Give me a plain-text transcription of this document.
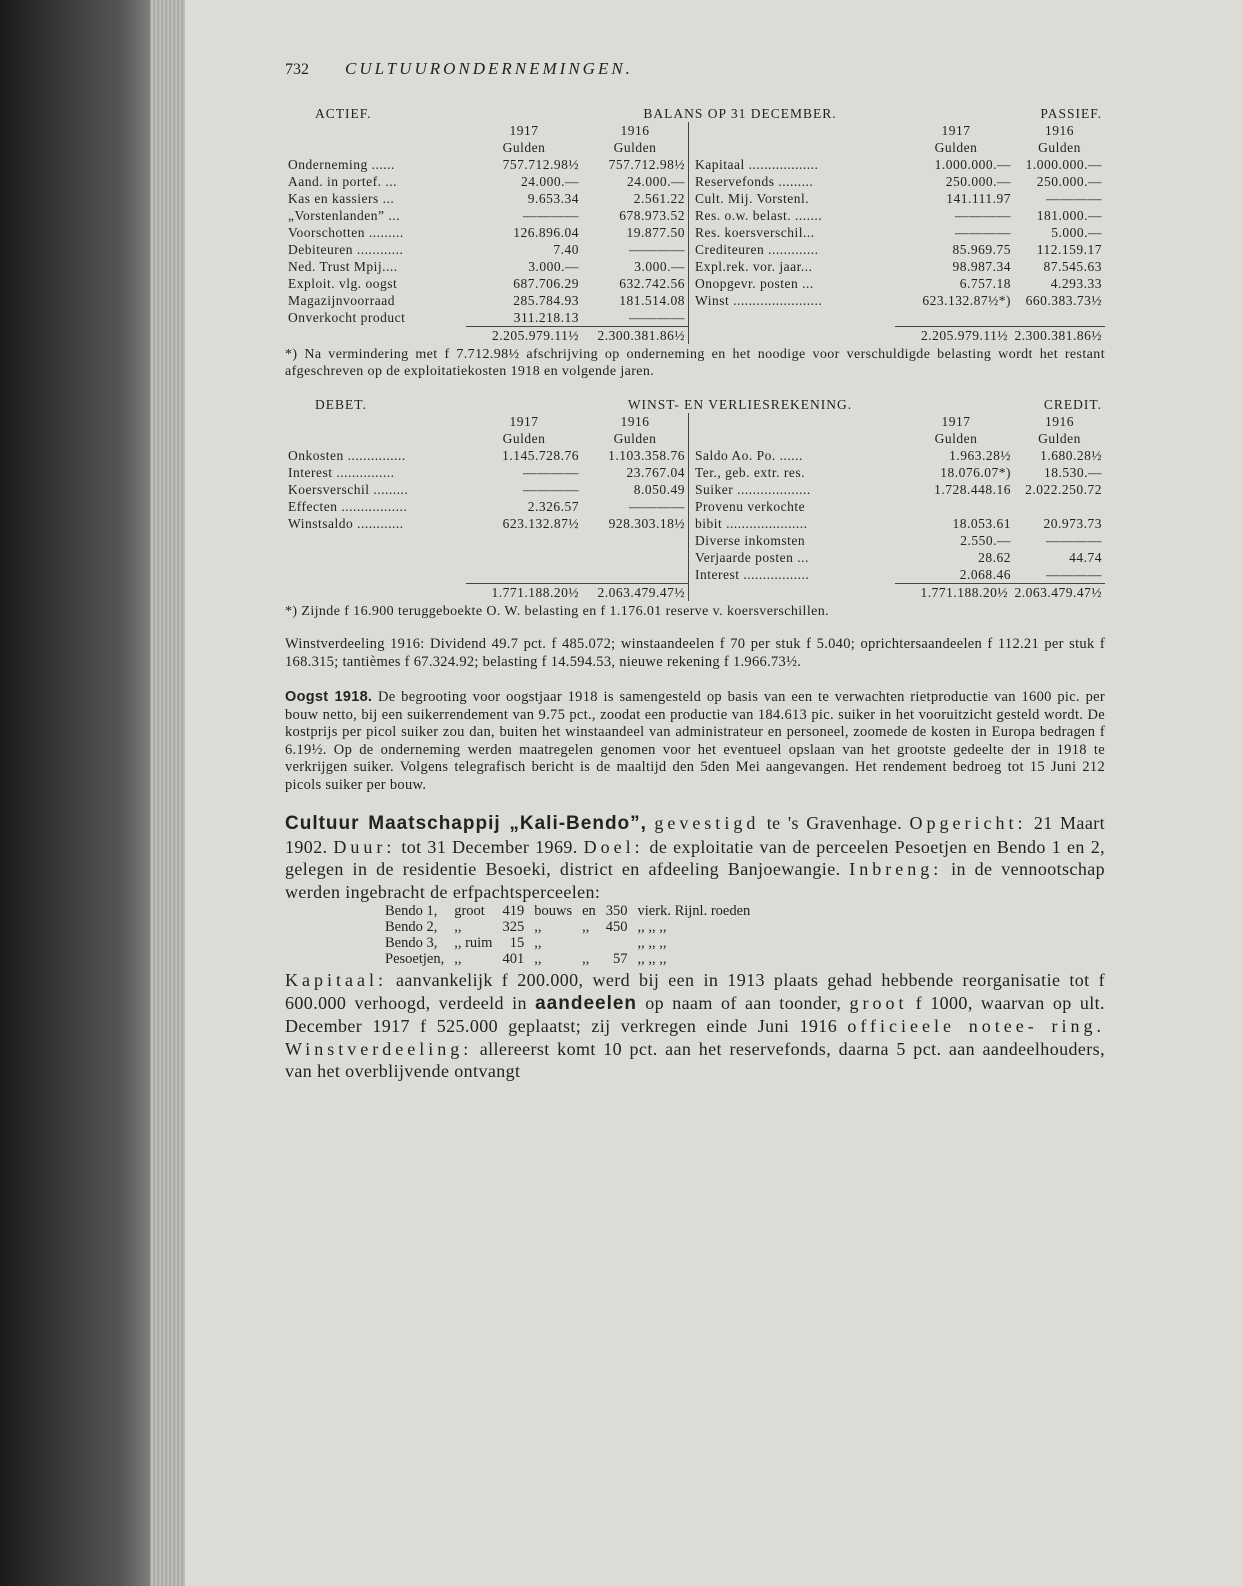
732	CULTUURONDERNEMINGEN.
ACTIEF.	BALANS OP 31 DECEMBER.				PASSIEF.
	1917	1916		1917	1916
	Gulden	Gulden		Gulden	Gulden
Onderneming ......	757.712.98½	757.712.98½	Kapitaal ..................	1.000.000.—	1.000.000.—
Aand. in portef. ...	24.000.—	24.000.—	Reservefonds .........	250.000.—	250.000.—
Kas en kassiers ...	9.653.34	2.561.22	Cult. Mij. Vorstenl.	141.111.97	————
„Vorstenlanden” ...	————	678.973.52	Res. o.w. belast. .......	————	181.000.—
Voorschotten .........	126.896.04	19.877.50	Res. koersverschil...	————	5.000.—
Debiteuren ............	7.40	————	Crediteuren .............	85.969.75	112.159.17
Ned. Trust Mpij....	3.000.—	3.000.—	Expl.rek. vor. jaar...	98.987.34	87.545.63
Exploit. vlg. oogst	687.706.29	632.742.56	Onopgevr. posten ...	6.757.18	4.293.33
Magazijnvoorraad	285.784.93	181.514.08	Winst .......................	623.132.87½*)	660.383.73½
Onverkocht product	311.218.13	————			
	2.205.979.11½	2.300.381.86½		2.205.979.11½	2.300.381.86½
*) Na vermindering met f 7.712.98½ afschrijving op onderneming en het noodige voor verschuldigde belasting wordt het restant afgeschreven op de exploitatiekosten 1918 en volgende jaren.
DEBET.	WINST- EN VERLIESREKENING.				CREDIT.
	1917	1916		1917	1916
	Gulden	Gulden		Gulden	Gulden
Onkosten ...............	1.145.728.76	1.103.358.76	Saldo Ao. Po. ......	1.963.28½	1.680.28½
Interest ...............	————	23.767.04	Ter., geb. extr. res.	18.076.07*)	18.530.—
Koersverschil .........	————	8.050.49	Suiker ...................	1.728.448.16	2.022.250.72
Effecten .................	2.326.57	————	Provenu verkochte		
Winstsaldo ............	623.132.87½	928.303.18½	bibit .....................	18.053.61	20.973.73
			Diverse inkomsten	2.550.—	————
			Verjaarde posten ...	28.62	44.74
			Interest .................	2.068.46	————
	1.771.188.20½	2.063.479.47½		1.771.188.20½	2.063.479.47½
*) Zijnde f 16.900 teruggeboekte O. W. belasting en f 1.176.01 reserve v. koersverschillen.

Winstverdeeling 1916: Dividend 49.7 pct. f 485.072; winstaandeelen f 70 per stuk f 5.040; oprichtersaandeelen f 112.21 per stuk f 168.315; tantièmes f 67.324.92; belasting f 14.594.53, nieuwe rekening f 1.966.73½.

Oogst 1918. De begrooting voor oogstjaar 1918 is samengesteld op basis van een te verwachten rietproductie van 1600 pic. per bouw netto, bij een suikerrendement van 9.75 pct., zoodat een productie van 184.613 pic. suiker in het vooruitzicht gesteld wordt. De kostprijs per picol suiker zou dan, buiten het winstaandeel van administrateur en personeel, zoomede de kosten in Europa bedragen f 6.19½. Op de onderneming werden maatregelen genomen voor het eventueel opslaan van het grootste gedeelte der in 1918 te verkrijgen suiker. Volgens telegrafisch bericht is de maaltijd den 5den Mei aangevangen. Het rendement bedroeg tot 15 Juni 212 picols suiker per bouw.

Cultuur Maatschappij „Kali-Bendo”, gevestigd te 's Gravenhage. Opgericht: 21 Maart 1902. Duur: tot 31 December 1969. Doel: de exploitatie van de perceelen Pesoetjen en Bendo 1 en 2, gelegen in de residentie Besoeki, district en afdeeling Banjoewangie. Inbreng: in de vennootschap werden ingebracht de erfpachtsperceelen:
Bendo 1,	groot	419	bouws	en	350	vierk. Rijnl. roeden
Bendo 2,	,,	325	,,	,,	450	,, ,, ,,
Bendo 3,	,, ruim	15	,,			,, ,, ,,
Pesoetjen,	,,	401	,,	,,	57	,, ,, ,,
Kapitaal: aanvankelijk f 200.000, werd bij een in 1913 plaats gehad hebbende reorganisatie tot f 600.000 verhoogd, verdeeld in aandeelen op naam of aan toonder, groot f 1000, waarvan op ult. December 1917 f 525.000 geplaatst; zij verkregen einde Juni 1916 officieele notee- ring. Winstverdeeling: allereerst komt 10 pct. aan het reservefonds, daarna 5 pct. aan aandeelhouders, van het overblijvende ontvangt
